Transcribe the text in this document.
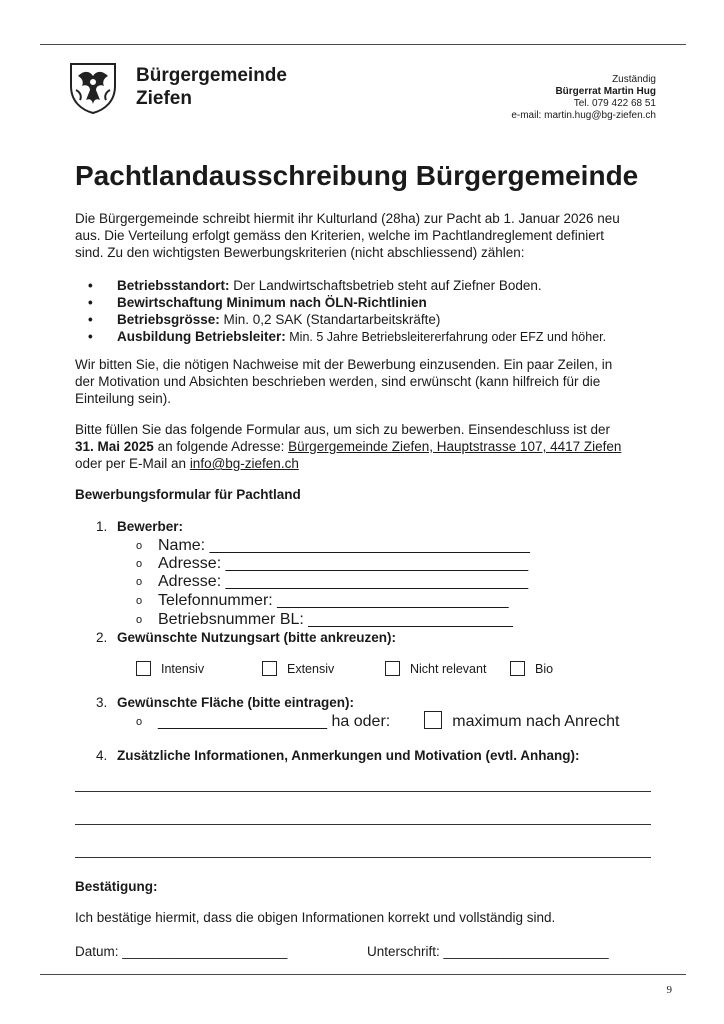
Bürgergemeinde
Ziefen
Zuständig
Bürgerrat Martin Hug
Tel. 079 422 68 51
e-mail: martin.hug@bg-ziefen.ch
Pachtlandausschreibung Bürgergemeinde
Die Bürgergemeinde schreibt hiermit ihr Kulturland (28ha) zur Pacht ab 1. Januar 2026 neu
aus. Die Verteilung erfolgt gemäss den Kriterien, welche im Pachtlandreglement definiert
sind. Zu den wichtigsten Bewerbungskriterien (nicht abschliessend) zählen:
• Betriebsstandort: Der Landwirtschaftsbetrieb steht auf Ziefner Boden.
• Bewirtschaftung Minimum nach ÖLN-Richtlinien
• Betriebsgrösse: Min. 0,2 SAK (Standartarbeitskräfte)
• Ausbildung Betriebsleiter: Min. 5 Jahre Betriebsleitererfahrung oder EFZ und höher.
Wir bitten Sie, die nötigen Nachweise mit der Bewerbung einzusenden. Ein paar Zeilen, in
der Motivation und Absichten beschrieben werden, sind erwünscht (kann hilfreich für die
Einteilung sein).
Bitte füllen Sie das folgende Formular aus, um sich zu bewerben. Einsendeschluss ist der
31. Mai 2025 an folgende Adresse: Bürgergemeinde Ziefen, Hauptstrasse 107, 4417 Ziefen
oder per E-Mail an info@bg-ziefen.ch
Bewerbungsformular für Pachtland
1. Bewerber:
o Name: ____________________________________
o Adresse: __________________________________
o Adresse: __________________________________
o Telefonnummer: __________________________
o Betriebsnummer BL: _______________________
2. Gewünschte Nutzungsart (bitte ankreuzen):
Intensiv	Extensiv	Nicht relevant	Bio
3. Gewünschte Fläche (bitte eintragen):
o ___________________ ha oder:	maximum nach Anrecht
4. Zusätzliche Informationen, Anmerkungen und Motivation (evtl. Anhang):
Bestätigung:
Ich bestätige hiermit, dass die obigen Informationen korrekt und vollständig sind.
Datum: ______________________	Unterschrift: ______________________
9
